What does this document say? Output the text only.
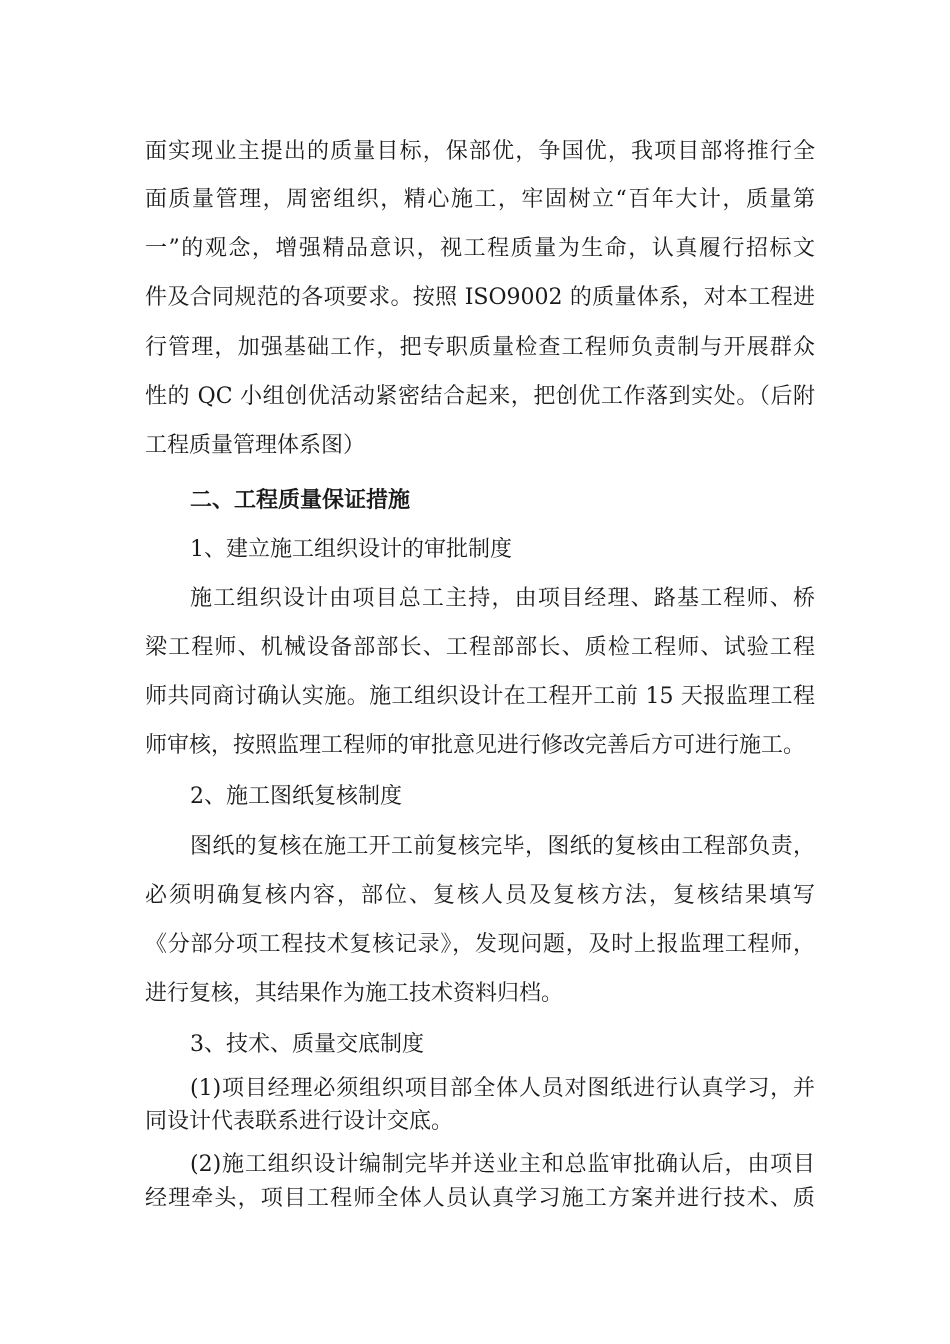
面实现业主提出的质量目标，保部优，争国优，我项目部将推行全
面质量管理，周密组织，精心施工，牢固树立“百年大计，质量第
一”的观念，增强精品意识，视工程质量为生命，认真履行招标文
件及合同规范的各项要求。按照 ISO9002 的质量体系，对本工程进
行管理，加强基础工作，把专职质量检查工程师负责制与开展群众
性的 QC 小组创优活动紧密结合起来，把创优工作落到实处。（后附
工程质量管理体系图）
二、工程质量保证措施
1、建立施工组织设计的审批制度
施工组织设计由项目总工主持，由项目经理、路基工程师、桥
梁工程师、机械设备部部长、工程部部长、质检工程师、试验工程
师共同商讨确认实施。施工组织设计在工程开工前 15 天报监理工程
师审核，按照监理工程师的审批意见进行修改完善后方可进行施工。
2、施工图纸复核制度
图纸的复核在施工开工前复核完毕，图纸的复核由工程部负责，
必须明确复核内容，部位、复核人员及复核方法，复核结果填写
《分部分项工程技术复核记录》，发现问题，及时上报监理工程师，
进行复核，其结果作为施工技术资料归档。
3、技术、质量交底制度
(1)项目经理必须组织项目部全体人员对图纸进行认真学习，并
同设计代表联系进行设计交底。
(2)施工组织设计编制完毕并送业主和总监审批确认后，由项目
经理牵头，项目工程师全体人员认真学习施工方案并进行技术、质
